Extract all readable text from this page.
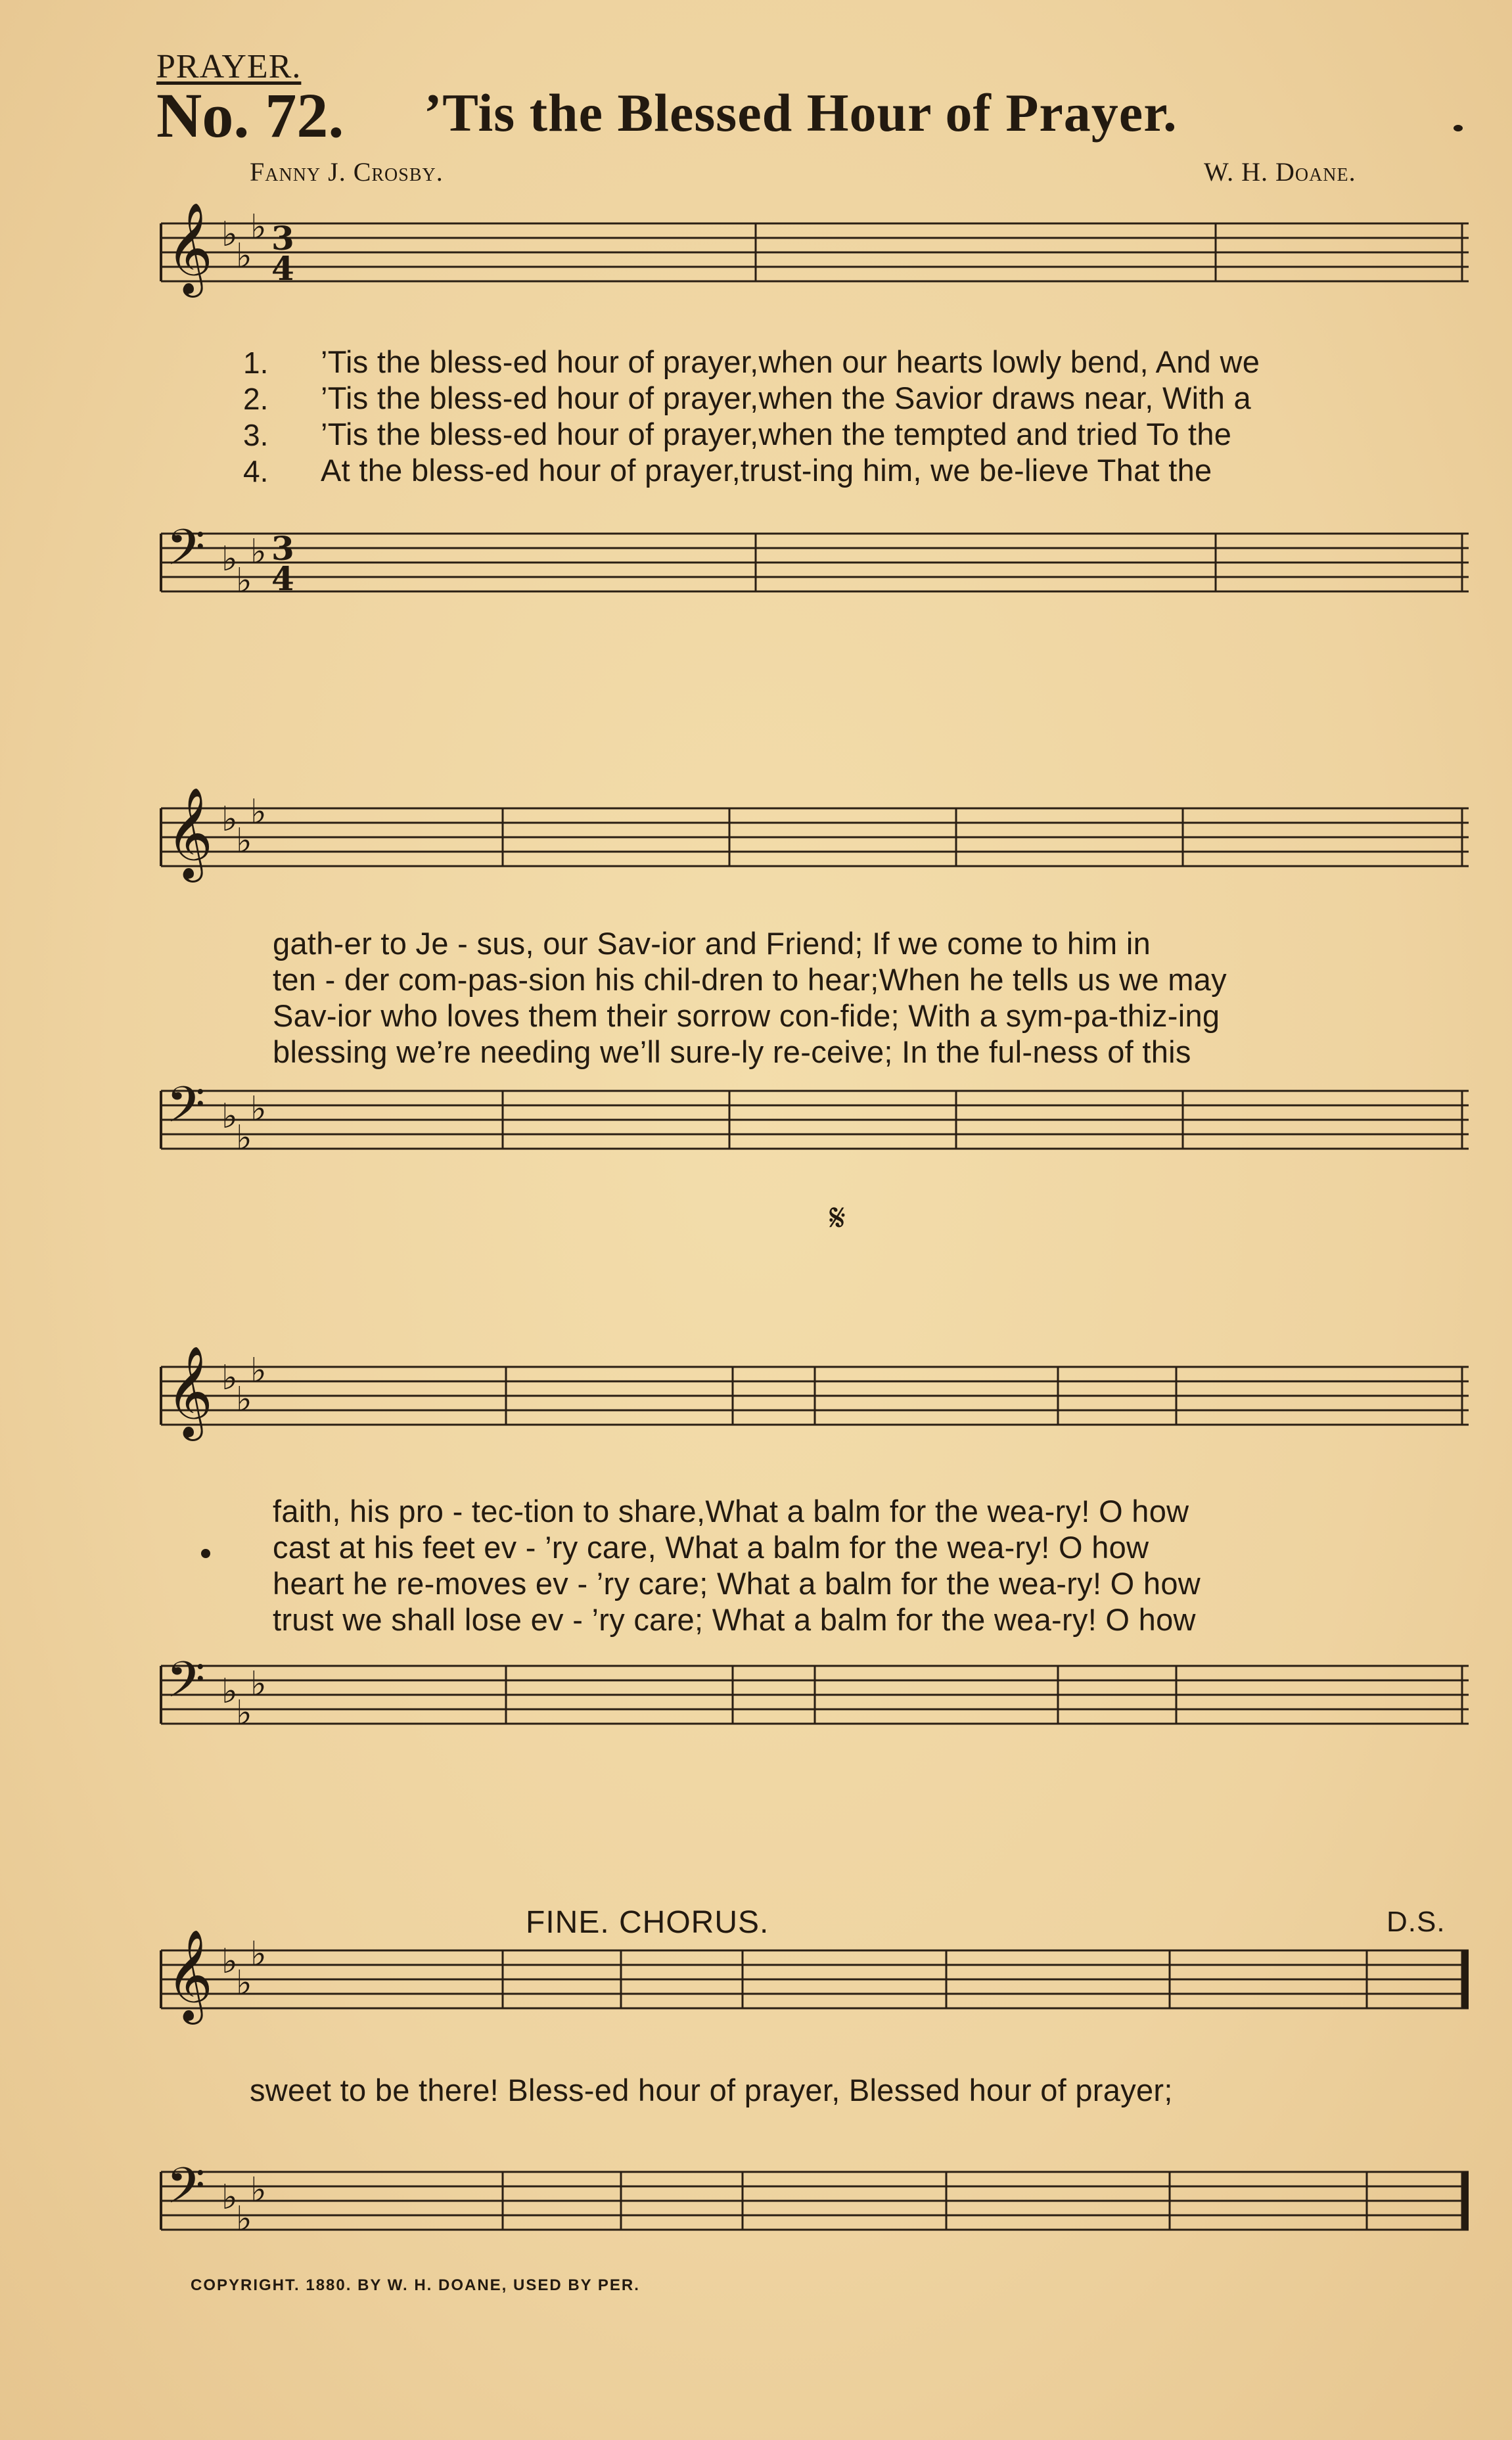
PRAYER.
No. 72. ’Tis the Blessed Hour of Prayer.
Fanny J. Crosby.	W. H. Doane.
𝄞 ♭
♭
♭ 3
4
𝄢 ♭
♭
♭ 3
4
1.
2.
3.
4.
’Tis the bless-ed hour of prayer,when our hearts lowly bend, And we
’Tis the bless-ed hour of prayer,when the Savior draws near, With a
’Tis the bless-ed hour of prayer,when the tempted and tried To the
At the bless-ed hour of prayer,trust-ing him, we be-lieve That the
𝄞 ♭
♭
♭
𝄢 ♭
♭
♭
gath-er to Je - sus, our Sav-ior and Friend; If we come to him in
ten - der com-pas-sion his chil-dren to hear;When he tells us we may
Sav-ior who loves them their sorrow con-fide; With a sym-pa-thiz-ing
blessing we’re needing we’ll sure-ly re-ceive; In the ful-ness of this
𝄋
𝄞 ♭
♭
♭
𝄢 ♭
♭
♭
faith, his pro - tec-tion to share,What a balm for the wea-ry! O how
cast at his feet ev - ’ry care, What a balm for the wea-ry! O how
heart he re-moves ev - ’ry care; What a balm for the wea-ry! O how
trust we shall lose ev - ’ry care; What a balm for the wea-ry! O how
𝄞 ♭
♭
♭
𝄢 ♭
♭
♭
FINE. CHORUS.	D.S.
sweet to be there! Bless-ed hour of prayer, Blessed hour of prayer;
COPYRIGHT. 1880. BY W. H. DOANE, USED BY PER.
